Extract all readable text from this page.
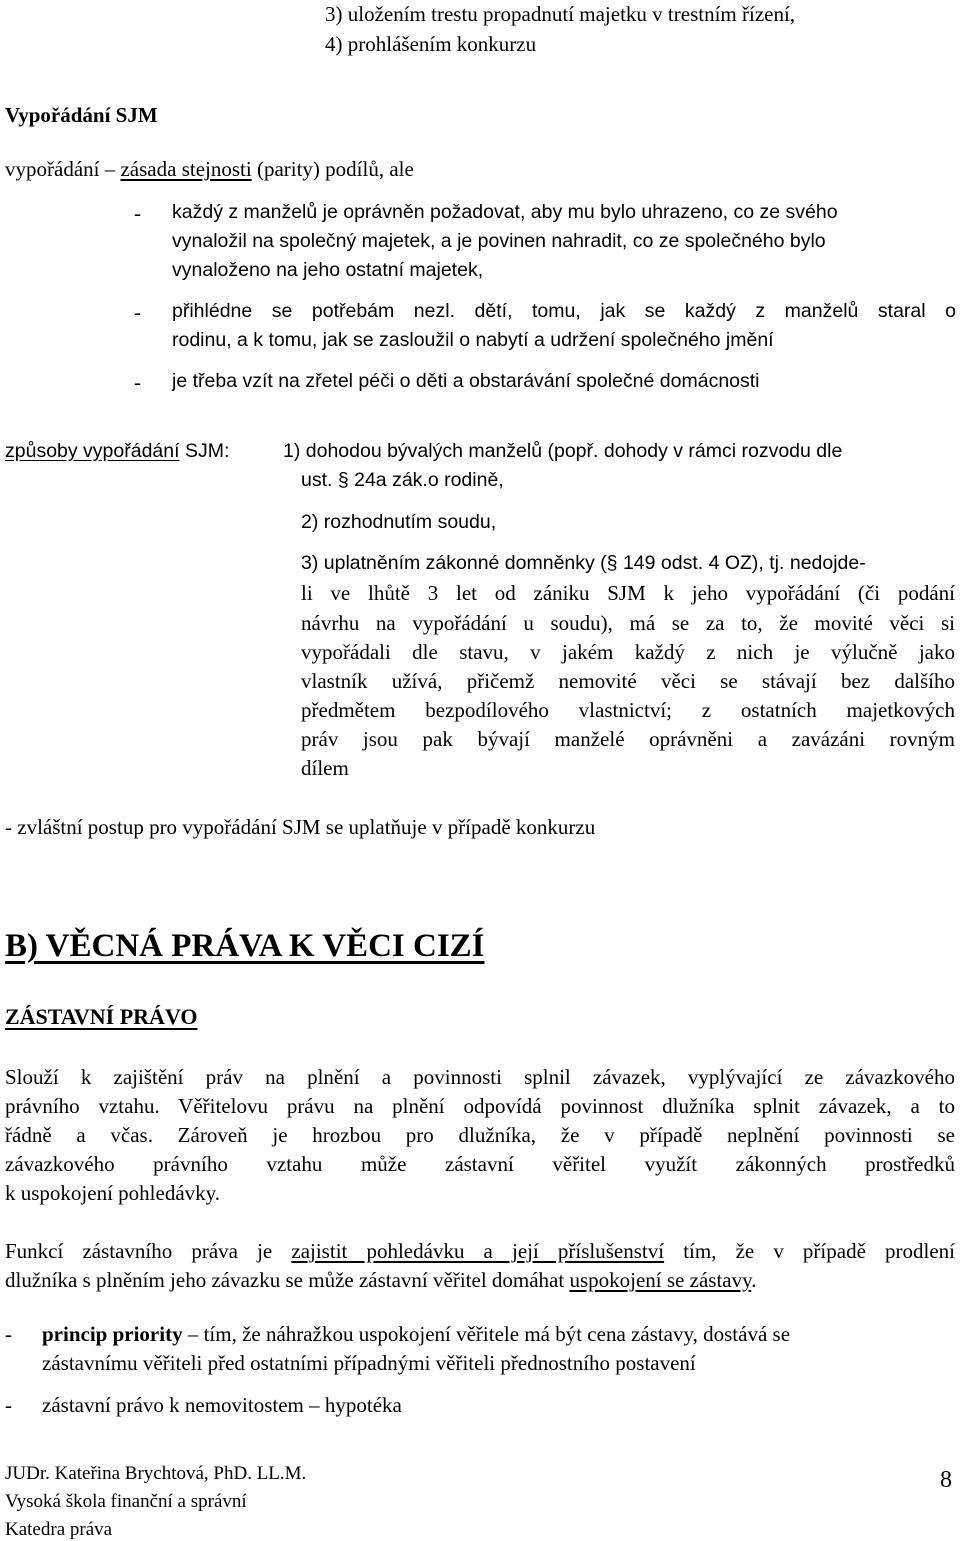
3) uložením trestu propadnutí majetku v trestním řízení,
4) prohlášením konkurzu
Vypořádání SJM
vypořádání – zásada stejnosti (parity) podílů, ale
- každý z manželů je oprávněn požadovat, aby mu bylo uhrazeno, co ze svého
vynaložil na společný majetek, a je povinen nahradit, co ze společného bylo
vynaloženo na jeho ostatní majetek,
- přihlédne se potřebám nezl. dětí, tomu, jak se každý z manželů staral o
rodinu, a k tomu, jak se zasloužil o nabytí a udržení společného jmění
- je třeba vzít na zřetel péči o děti a obstarávání společné domácnosti
způsoby vypořádání SJM:	1) dohodou bývalých manželů (popř. dohody v rámci rozvodu dle
ust. § 24a zák.o rodině,
2) rozhodnutím soudu,
3) uplatněním zákonné domněnky (§ 149 odst. 4 OZ), tj. nedojde-
li ve lhůtě 3 let od zániku SJM k jeho vypořádání (či podání
návrhu na vypořádání u soudu), má se za to, že movité věci si
vypořádali dle stavu, v jakém každý z nich je výlučně jako
vlastník užívá, přičemž nemovité věci se stávají bez dalšího
předmětem bezpodílového vlastnictví; z ostatních majetkových
práv jsou pak bývají manželé oprávněni a zavázáni rovným
dílem
- zvláštní postup pro vypořádání SJM se uplatňuje v případě konkurzu
B) VĚCNÁ PRÁVA K VĚCI CIZÍ
ZÁSTAVNÍ PRÁVO
Slouží k zajištění práv na plnění a povinnosti splnil závazek, vyplývající ze závazkového
právního vztahu. Věřitelovu právu na plnění odpovídá povinnost dlužníka splnit závazek, a to
řádně a včas. Zároveň je hrozbou pro dlužníka, že v případě neplnění povinnosti se
závazkového právního vztahu může zástavní věřitel využít zákonných prostředků
k uspokojení pohledávky.
Funkcí zástavního práva je zajistit pohledávku a její příslušenství tím, že v případě prodlení
dlužníka s plněním jeho závazku se může zástavní věřitel domáhat uspokojení se zástavy.
- princip priority – tím, že náhražkou uspokojení věřitele má být cena zástavy, dostává se
zástavnímu věřiteli před ostatními případnými věřiteli přednostního postavení
- zástavní právo k nemovitostem – hypotéka
JUDr. Kateřina Brychtová, PhD. LL.M.
Vysoká škola finanční a správní
Katedra práva
8
